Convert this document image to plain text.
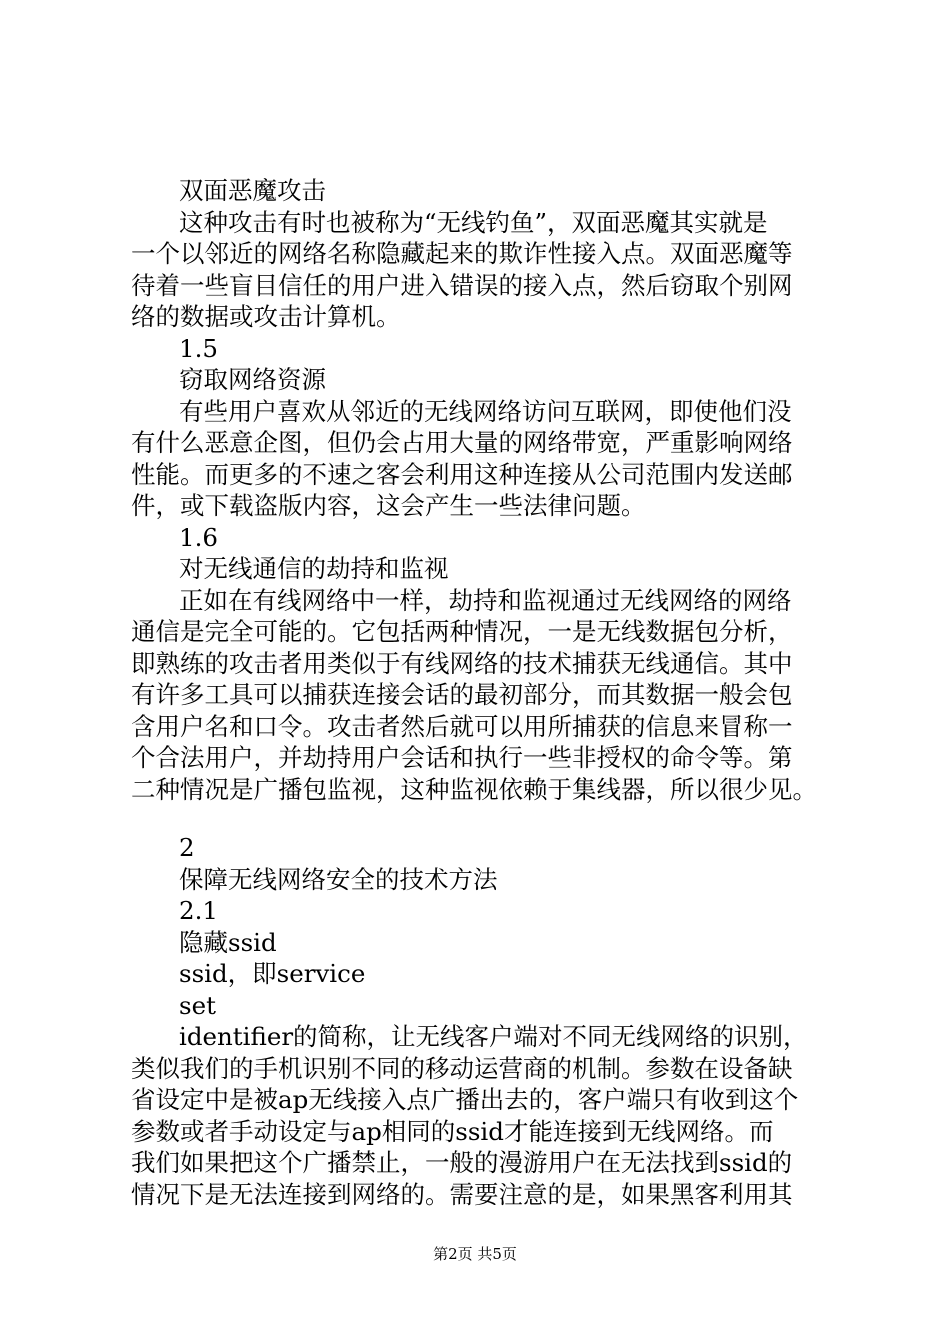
双面恶魔攻击
这种攻击有时也被称为“无线钓鱼”，双面恶魔其实就是
一个以邻近的网络名称隐藏起来的欺诈性接入点。双面恶魔等
待着一些盲目信任的用户进入错误的接入点，然后窃取个别网
络的数据或攻击计算机。
1.5
窃取网络资源
有些用户喜欢从邻近的无线网络访问互联网，即使他们没
有什么恶意企图，但仍会占用大量的网络带宽，严重影响网络
性能。而更多的不速之客会利用这种连接从公司范围内发送邮
件，或下载盗版内容，这会产生一些法律问题。
1.6
对无线通信的劫持和监视
正如在有线网络中一样，劫持和监视通过无线网络的网络
通信是完全可能的。它包括两种情况，一是无线数据包分析，
即熟练的攻击者用类似于有线网络的技术捕获无线通信。其中
有许多工具可以捕获连接会话的最初部分，而其数据一般会包
含用户名和口令。攻击者然后就可以用所捕获的信息来冒称一
个合法用户，并劫持用户会话和执行一些非授权的命令等。第
二种情况是广播包监视，这种监视依赖于集线器，所以很少见。
2
保障无线网络安全的技术方法
2.1
隐藏ssid
ssid，即service
set
identifier的简称，让无线客户端对不同无线网络的识别，
类似我们的手机识别不同的移动运营商的机制。参数在设备缺
省设定中是被ap无线接入点广播出去的，客户端只有收到这个
参数或者手动设定与ap相同的ssid才能连接到无线网络。而
我们如果把这个广播禁止，一般的漫游用户在无法找到ssid的
情况下是无法连接到网络的。需要注意的是，如果黑客利用其
第2页 共5页
